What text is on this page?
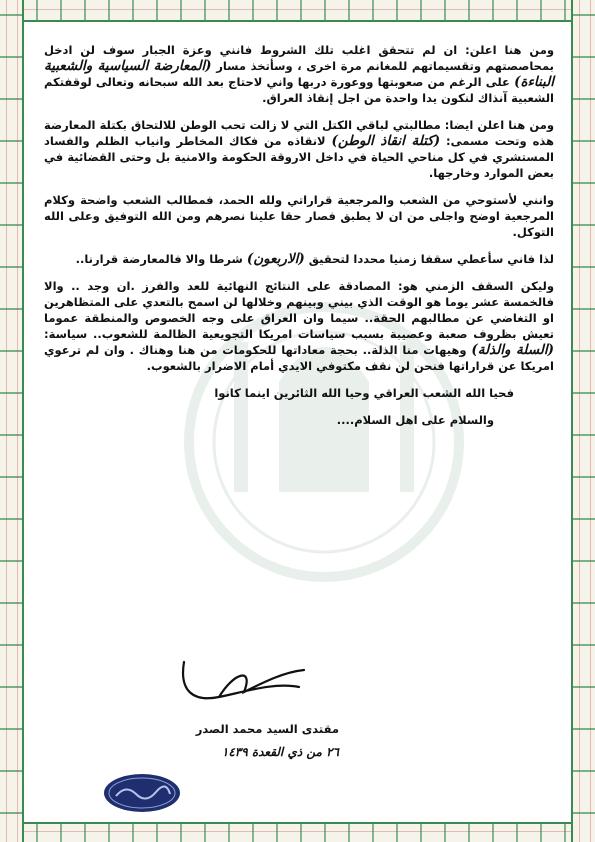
ومن هنا اعلن: ان لم تتحقق اغلب تلك الشروط فانني وعزة الجبار سوف لن ادخل بمحاصصتهم وتقسيماتهم للمغانم مرة اخرى ، وسأتخذ مسار (المعارضة السياسية والشعبية البناءة) على الرغم من صعوبتها ووعورة دربها واني لاحتاج بعد الله سبحانه وتعالى لوقفتكم الشعبية آنذاك لنكون يدا واحدة من اجل إنقاذ العراق.

ومن هنا اعلن ايضا: مطالبتي لباقي الكتل التي لا زالت تحب الوطن للالتحاق بكتلة المعارضة هذه وتحت مسمى: (كتلة انقاذ الوطن) لانقاذه من فكاك المخاطر وانياب الظلم والفساد المستشري في كل مناحي الحياة في داخل الاروقة الحكومة والامنية بل وحتى القضائية في بعض الموارد وخارجها.

وانني لأستوحي من الشعب والمرجعية قراراتي ولله الحمد، فمطالب الشعب واضحة وكلام المرجعية اوضح واجلى من ان لا يطبق فصار حقا علينا نصرهم ومن الله التوفيق وعلى الله التوكل.

لذا فاني سأعطي سقفا زمنيا محددا لتحقيق (الاربعون) شرطا والا فالمعارضة قرارنا..

وليكن السقف الزمني هو: المصادقة على النتائج النهائية للعد والفرز .ان وجد .. والا فالخمسة عشر يوما هو الوقت الذي بيني وبينهم وخلالها لن اسمح بالتعدي على المتظاهرين او التغاضي عن مطالبهم الحقة.. سيما وان العراق على وجه الخصوص والمنطقة عموما تعيش بظروف صعبة وعصيبة بسبب سياسات امريكا التجويعية الظالمة للشعوب.. سياسة: (السلة والذلة) وهيهات منا الذلة.. بحجة معاداتها للحكومات من هنا وهناك . وان لم ترعوي امريكا عن قراراتها فنحن لن نقف مكتوفي الايدي أمام الاضرار بالشعوب.

فحيا الله الشعب العراقي وحيا الله الثائرين اينما كانوا

والسلام على اهل السلام....

مقتدى السيد محمد الصدر
٢٦ من ذي القعدة ١٤٣٩
